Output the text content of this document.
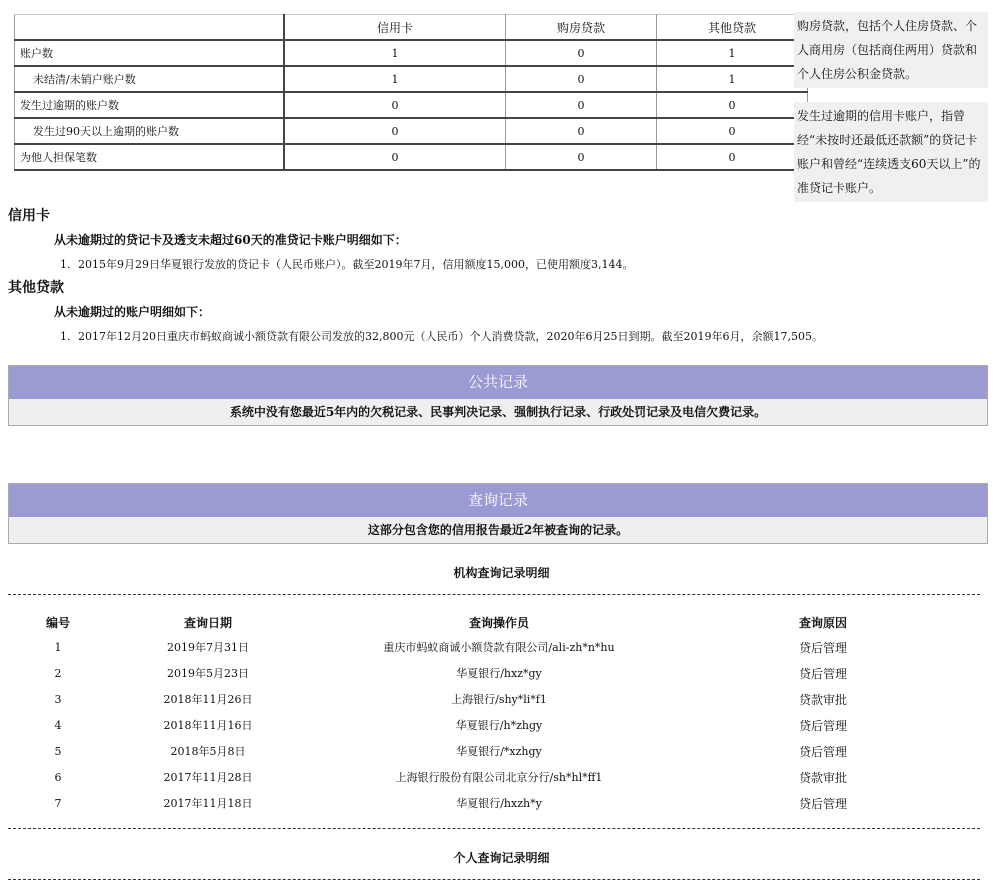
	信用卡	购房贷款	其他贷款
账户数	1	0	1
未结清/未销户账户数	1	0	1
发生过逾期的账户数	0	0	0
发生过90天以上逾期的账户数	0	0	0
为他人担保笔数	0	0	0
购房贷款，包括个人住房贷款、个人商用房（包括商住两用）贷款和个人住房公积金贷款。
发生过逾期的信用卡账户，指曾经“未按时还最低还款额”的贷记卡账户和曾经“连续透支60天以上”的准贷记卡账户。
信用卡
从未逾期过的贷记卡及透支未超过60天的准贷记卡账户明细如下：
1. 2015年9月29日华夏银行发放的贷记卡（人民币账户）。截至2019年7月，信用额度15,000，已使用额度3,144。
其他贷款
从未逾期过的账户明细如下：
1. 2017年12月20日重庆市蚂蚁商诚小额贷款有限公司发放的32,800元（人民币）个人消费贷款，2020年6月25日到期。截至2019年6月，余额17,505。
公共记录
系统中没有您最近5年内的欠税记录、民事判决记录、强制执行记录、行政处罚记录及电信欠费记录。
查询记录
这部分包含您的信用报告最近2年被查询的记录。
机构查询记录明细
编号	查询日期	查询操作员	查询原因
1	2019年7月31日	重庆市蚂蚁商诚小额贷款有限公司/ali-zh*n*hu	贷后管理
2	2019年5月23日	华夏银行/hxz*gy	贷后管理
3	2018年11月26日	上海银行/shy*li*f1	贷款审批
4	2018年11月16日	华夏银行/h*zhgy	贷后管理
5	2018年5月8日	华夏银行/*xzhgy	贷后管理
6	2017年11月28日	上海银行股份有限公司北京分行/sh*hl*ff1	贷款审批
7	2017年11月18日	华夏银行/hxzh*y	贷后管理
个人查询记录明细
